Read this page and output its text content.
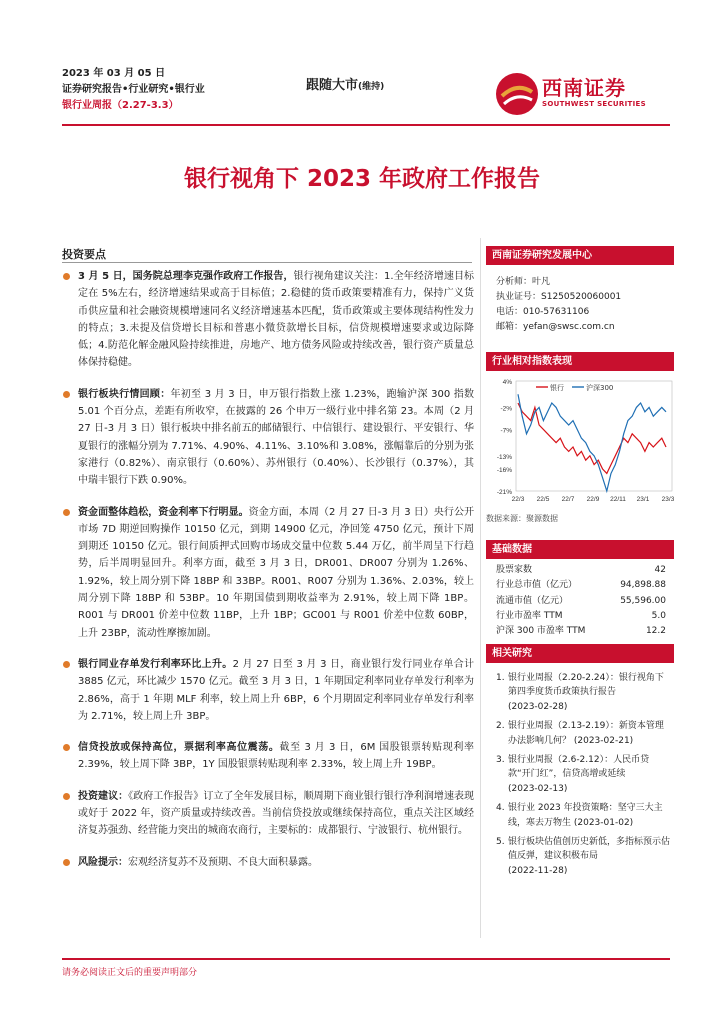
2023 年 03 月 05 日
证券研究报告•行业研究•银行业
银行业周报（2.27-3.3）
跟随大市(维持)	西南证券
SOUTHWEST SECURITIES
银行视角下 2023 年政府工作报告
投资要点
3 月 5 日，国务院总理李克强作政府工作报告，银行视角建议关注：1.全年经济增速目标定在 5%左右，经济增速结果或高于目标值；2.稳健的货币政策要精准有力，保持广义货币供应量和社会融资规模增速同名义经济增速基本匹配，货币政策或主要体现结构性发力的特点；3.未提及信贷增长目标和普惠小微贷款增长目标，信贷规模增速要求或边际降低；4.防范化解金融风险持续推进，房地产、地方债务风险或持续改善，银行资产质量总体保持稳健。
银行板块行情回顾：年初至 3 月 3 日，申万银行指数上涨 1.23%，跑输沪深 300 指数 5.01 个百分点，差距有所收窄，在披露的 26 个申万一级行业中排名第 23。本周（2 月 27 日-3 月 3 日）银行板块中排名前五的邮储银行、中信银行、建设银行、平安银行、华夏银行的涨幅分别为 7.71%、4.90%、4.11%、3.10%和 3.08%，涨幅靠后的分别为张家港行（0.82%）、南京银行（0.60%）、苏州银行（0.40%）、长沙银行（0.37%），其中瑞丰银行下跌 0.90%。
资金面整体趋松，资金利率下行明显。资金方面，本周（2 月 27 日-3 月 3 日）央行公开市场 7D 期逆回购操作 10150 亿元，到期 14900 亿元，净回笼 4750 亿元，预计下周到期还 10150 亿元。银行间质押式回购市场成交量中位数 5.44 万亿，前半周呈下行趋势，后半周明显回升。利率方面，截至 3 月 3 日，DR001、DR007 分别为 1.26%、1.92%，较上周分别下降 18BP 和 33BP。R001、R007 分别为 1.36%、2.03%，较上周分别下降 18BP 和 53BP。10 年期国债到期收益率为 2.91%，较上周下降 1BP。R001 与 DR001 价差中位数 11BP，上升 1BP；GC001 与 R001 价差中位数 60BP，上升 23BP，流动性摩擦加剧。
银行同业存单发行利率环比上升。2 月 27 日至 3 月 3 日，商业银行发行同业存单合计 3885 亿元，环比减少 1570 亿元。截至 3 月 3 日，1 年期国定利率同业存单发行利率为 2.86%，高于 1 年期 MLF 利率，较上周上升 6BP，6 个月期固定利率同业存单发行利率为 2.71%，较上周上升 3BP。
信贷投放或保持高位，票据利率高位震荡。截至 3 月 3 日，6M 国股银票转贴现利率 2.39%，较上周下降 3BP，1Y 国股银票转贴现利率 2.33%，较上周上升 19BP。
投资建议：《政府工作报告》订立了全年发展目标，顺周期下商业银行银行净利润增速表现或好于 2022 年，资产质量或持续改善。当前信贷投放或继续保持高位，重点关注区域经济复苏强劲、经营能力突出的城商农商行，主要标的：成都银行、宁波银行、杭州银行。
风险提示：宏观经济复苏不及预期、不良大面积暴露。
西南证券研究发展中心
分析师：叶凡
执业证号：S1250520060001
电话：010-57631106
邮箱：yefan@swsc.com.cn
行业相对指数表现
4%
-2%
-7%
-13%
-16%
-21%
22/3 22/5 22/7 22/9 22/11 23/1 23/3
银行	沪深300
数据来源：聚源数据
基础数据
股票家数	42
行业总市值（亿元）	94,898.88
流通市值（亿元）	55,596.00
行业市盈率 TTM	5.0
沪深 300 市盈率 TTM	12.2
相关研究
1. 银行业周报（2.20-2.24）：银行视角下第四季度货币政策执行报告
(2023-02-28)
2. 银行业周报（2.13-2.19）：新资本管理办法影响几何？ (2023-02-21)
3. 银行业周报（2.6-2.12）：人民币贷款“开门红”，信贷高增或延续
(2023-02-13)
4. 银行业 2023 年投资策略：坚守三大主线，寒去万物生 (2023-01-02)
5. 银行板块估值创历史新低，多指标预示估值反弹，建议积极布局
(2022-11-28)
请务必阅读正文后的重要声明部分
